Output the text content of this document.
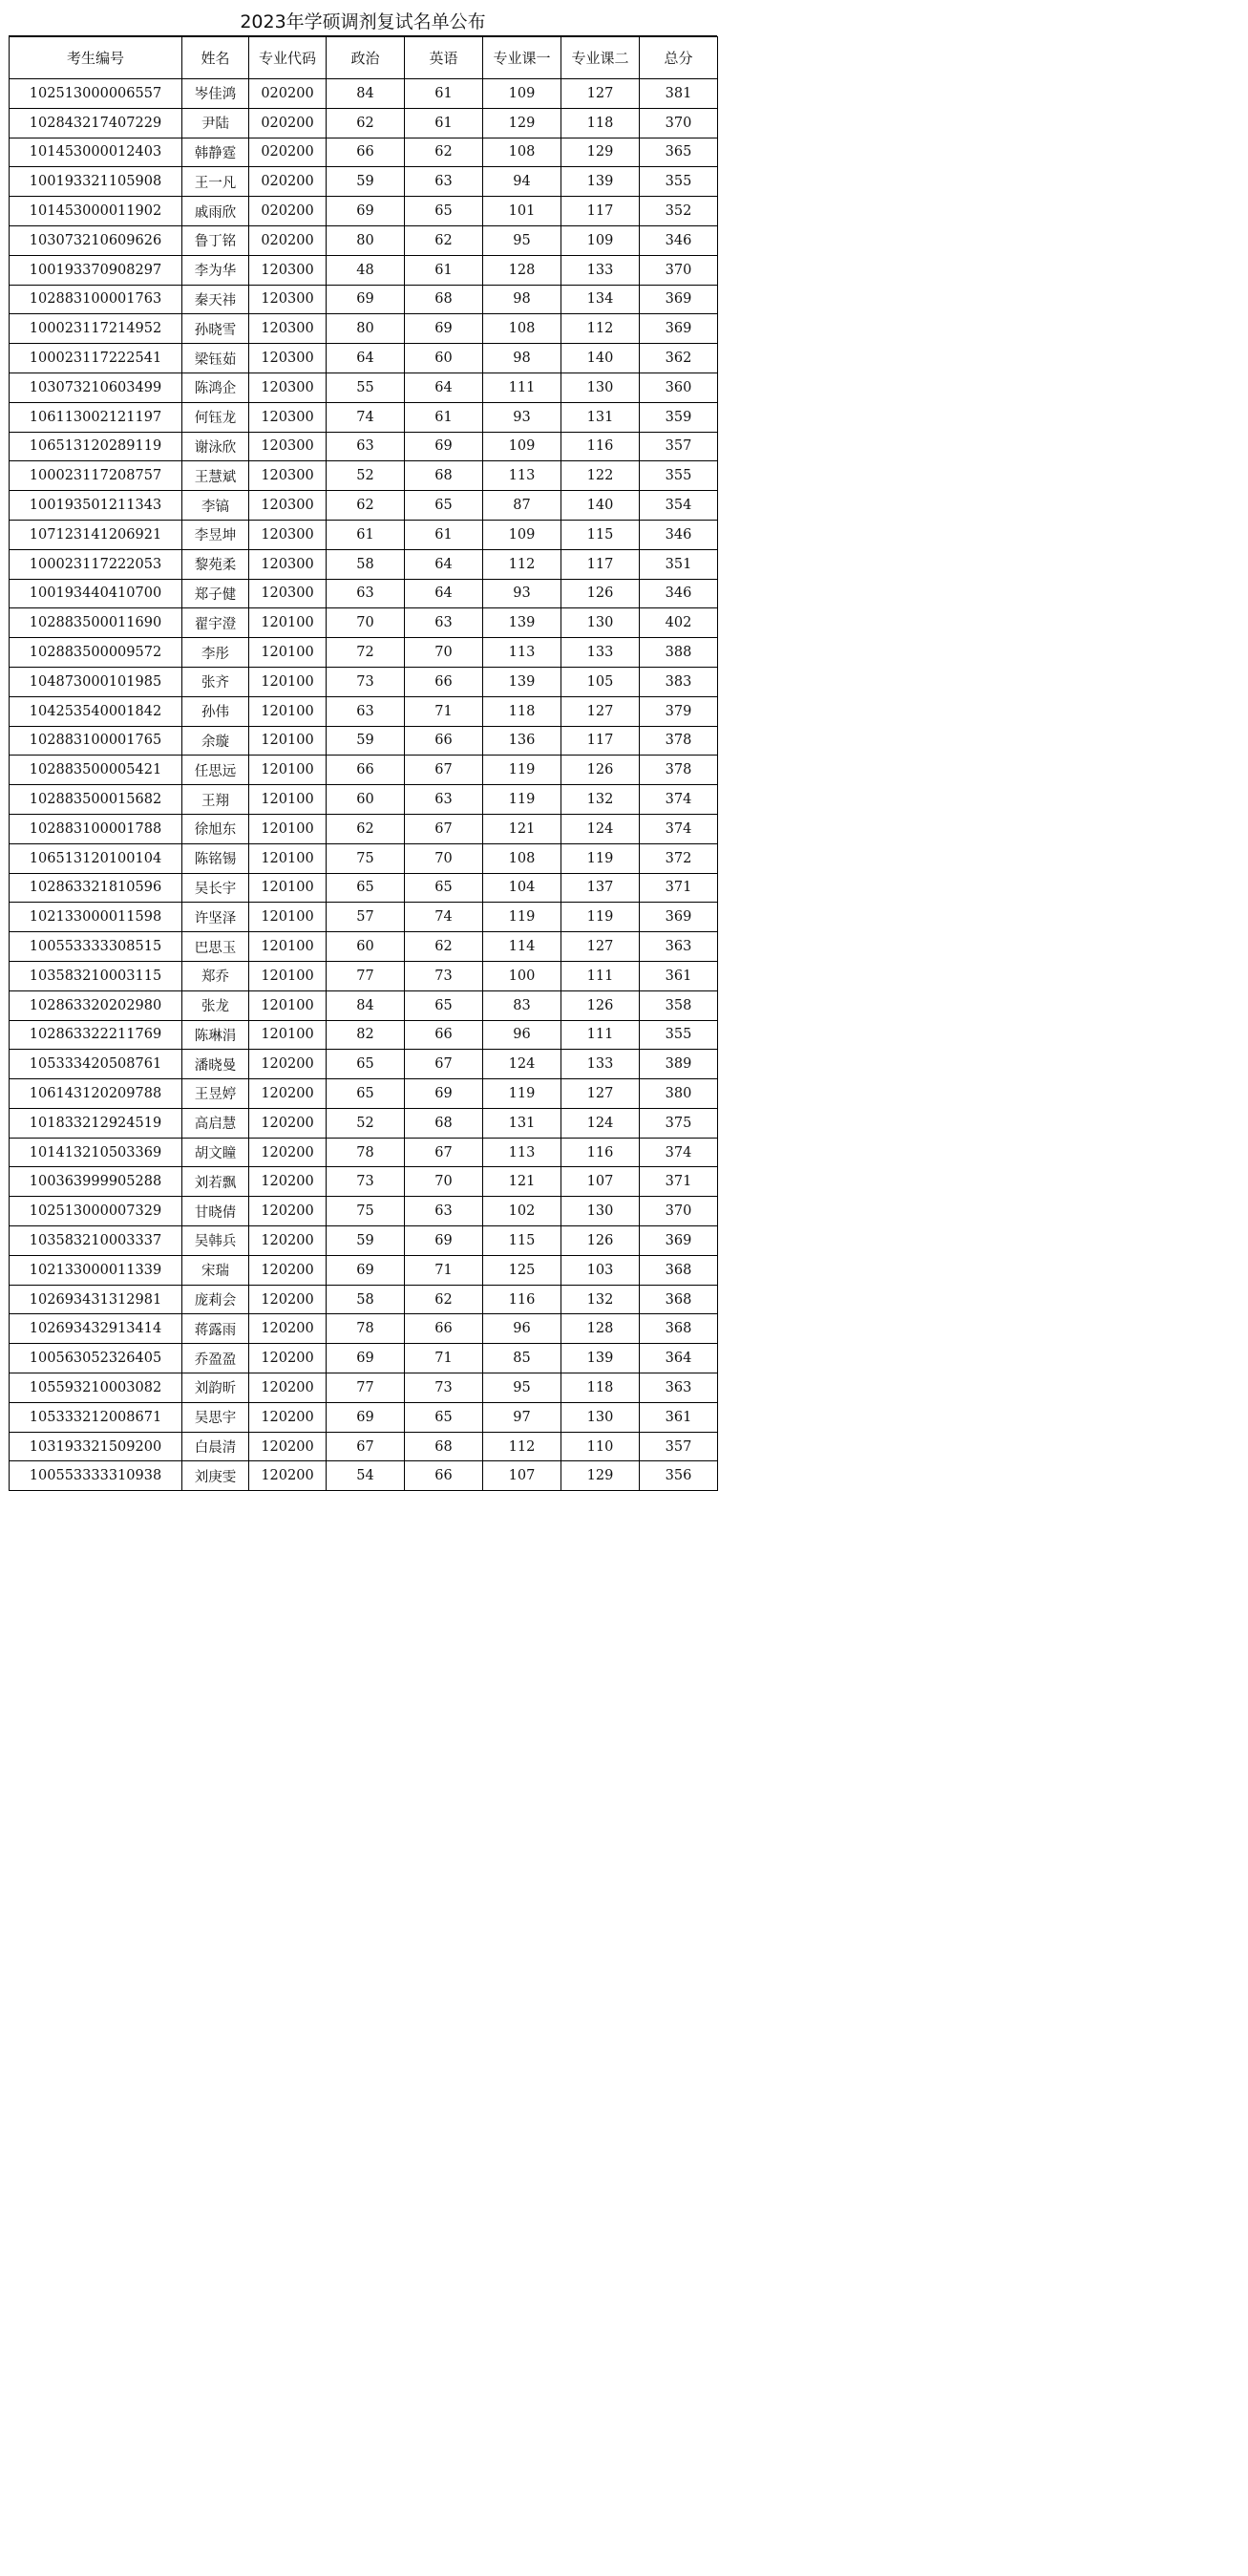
2023年学硕调剂复试名单公布
考生编号	姓名	专业代码	政治	英语	专业课一	专业课二	总分
102513000006557	岑佳鸿	020200	84	61	109	127	381
102843217407229	尹陆	020200	62	61	129	118	370
101453000012403	韩静霆	020200	66	62	108	129	365
100193321105908	王一凡	020200	59	63	94	139	355
101453000011902	戚雨欣	020200	69	65	101	117	352
103073210609626	鲁丁铭	020200	80	62	95	109	346
100193370908297	李为华	120300	48	61	128	133	370
102883100001763	秦天祎	120300	69	68	98	134	369
100023117214952	孙晓雪	120300	80	69	108	112	369
100023117222541	梁钰茹	120300	64	60	98	140	362
103073210603499	陈鸿企	120300	55	64	111	130	360
106113002121197	何钰龙	120300	74	61	93	131	359
106513120289119	谢泳欣	120300	63	69	109	116	357
100023117208757	王慧斌	120300	52	68	113	122	355
100193501211343	李镐	120300	62	65	87	140	354
107123141206921	李昱坤	120300	61	61	109	115	346
100023117222053	黎苑柔	120300	58	64	112	117	351
100193440410700	郑子健	120300	63	64	93	126	346
102883500011690	翟宇澄	120100	70	63	139	130	402
102883500009572	李彤	120100	72	70	113	133	388
104873000101985	张齐	120100	73	66	139	105	383
104253540001842	孙伟	120100	63	71	118	127	379
102883100001765	余璇	120100	59	66	136	117	378
102883500005421	任思远	120100	66	67	119	126	378
102883500015682	王翔	120100	60	63	119	132	374
102883100001788	徐旭东	120100	62	67	121	124	374
106513120100104	陈铭锡	120100	75	70	108	119	372
102863321810596	吴长宇	120100	65	65	104	137	371
102133000011598	许坚泽	120100	57	74	119	119	369
100553333308515	巴思玉	120100	60	62	114	127	363
103583210003115	郑乔	120100	77	73	100	111	361
102863320202980	张龙	120100	84	65	83	126	358
102863322211769	陈琳涓	120100	82	66	96	111	355
105333420508761	潘晓曼	120200	65	67	124	133	389
106143120209788	王昱婷	120200	65	69	119	127	380
101833212924519	高启慧	120200	52	68	131	124	375
101413210503369	胡文瞳	120200	78	67	113	116	374
100363999905288	刘若飘	120200	73	70	121	107	371
102513000007329	甘晓倩	120200	75	63	102	130	370
103583210003337	吴韩兵	120200	59	69	115	126	369
102133000011339	宋瑞	120200	69	71	125	103	368
102693431312981	庞莉会	120200	58	62	116	132	368
102693432913414	蒋露雨	120200	78	66	96	128	368
100563052326405	乔盈盈	120200	69	71	85	139	364
105593210003082	刘韵昕	120200	77	73	95	118	363
105333212008671	吴思宇	120200	69	65	97	130	361
103193321509200	白晨清	120200	67	68	112	110	357
100553333310938	刘庚雯	120200	54	66	107	129	356
